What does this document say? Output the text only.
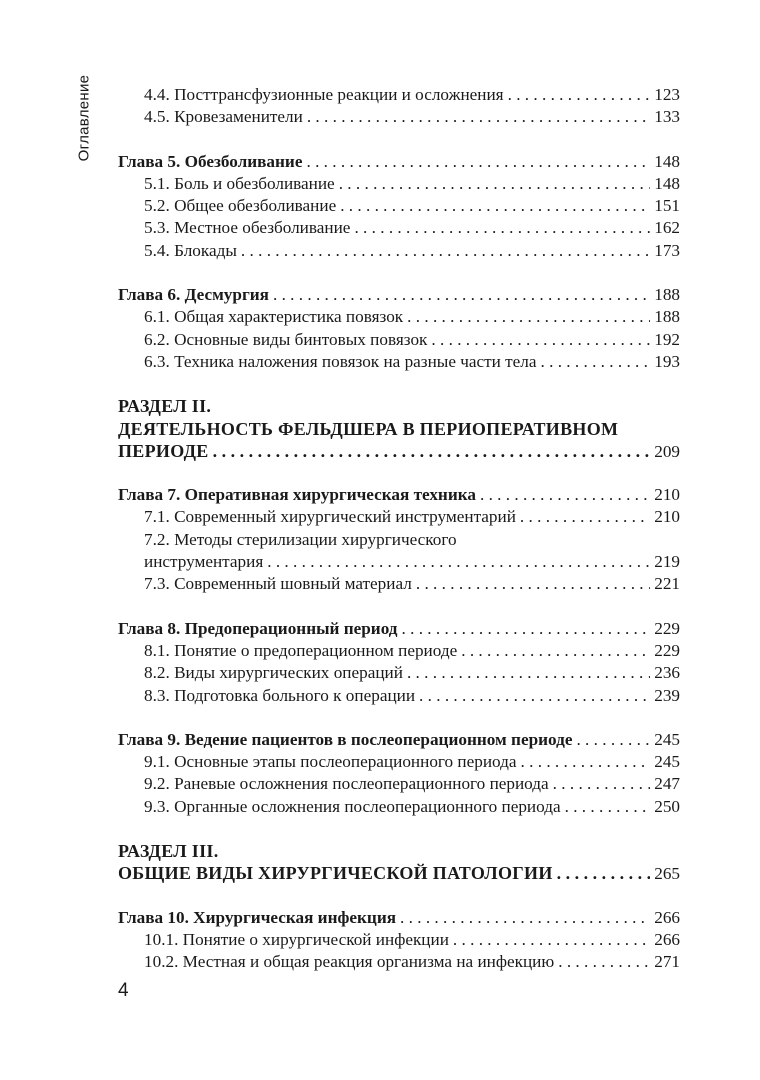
Оглавление	4.4. Посттрансфузионные реакции и осложнения . . .	123
4.5. Кровезаменители . . .	133
Глава 5. Обезболивание . . .	148
5.1. Боль и обезболивание . . .	148
5.2. Общее обезболивание . . .	151
5.3. Местное обезболивание . . .	162
5.4. Блокады . . .	173
Глава 6. Десмургия . . .	188
6.1. Общая характеристика повязок . . .	188
6.2. Основные виды бинтовых повязок . . .	192
6.3. Техника наложения повязок на разные части тела . . .	193
РАЗДЕЛ II.
ДЕЯТЕЛЬНОСТЬ ФЕЛЬДШЕРА В ПЕРИОПЕРАТИВНОМ
ПЕРИОДЕ . . .	209
Глава 7. Оперативная хирургическая техника . . .	210
7.1. Современный хирургический инструментарий . . .	210
7.2. Методы стерилизации хирургического
инструментария . . .	219
7.3. Современный шовный материал . . .	221
Глава 8. Предоперационный период . . .	229
8.1. Понятие о предоперационном периоде . . .	229
8.2. Виды хирургических операций . . .	236
8.3. Подготовка больного к операции . . .	239
Глава 9. Ведение пациентов в послеоперационном периоде . . .	245
9.1. Основные этапы послеоперационного периода . . .	245
9.2. Раневые осложнения послеоперационного периода . . .	247
9.3. Органные осложнения послеоперационного периода . . .	250
РАЗДЕЛ III.
ОБЩИЕ ВИДЫ ХИРУРГИЧЕСКОЙ ПАТОЛОГИИ . . .	265
Глава 10. Хирургическая инфекция . . .	266
10.1. Понятие о хирургической инфекции . . .	266
10.2. Местная и общая реакция организма на инфекцию . . .	271
4
